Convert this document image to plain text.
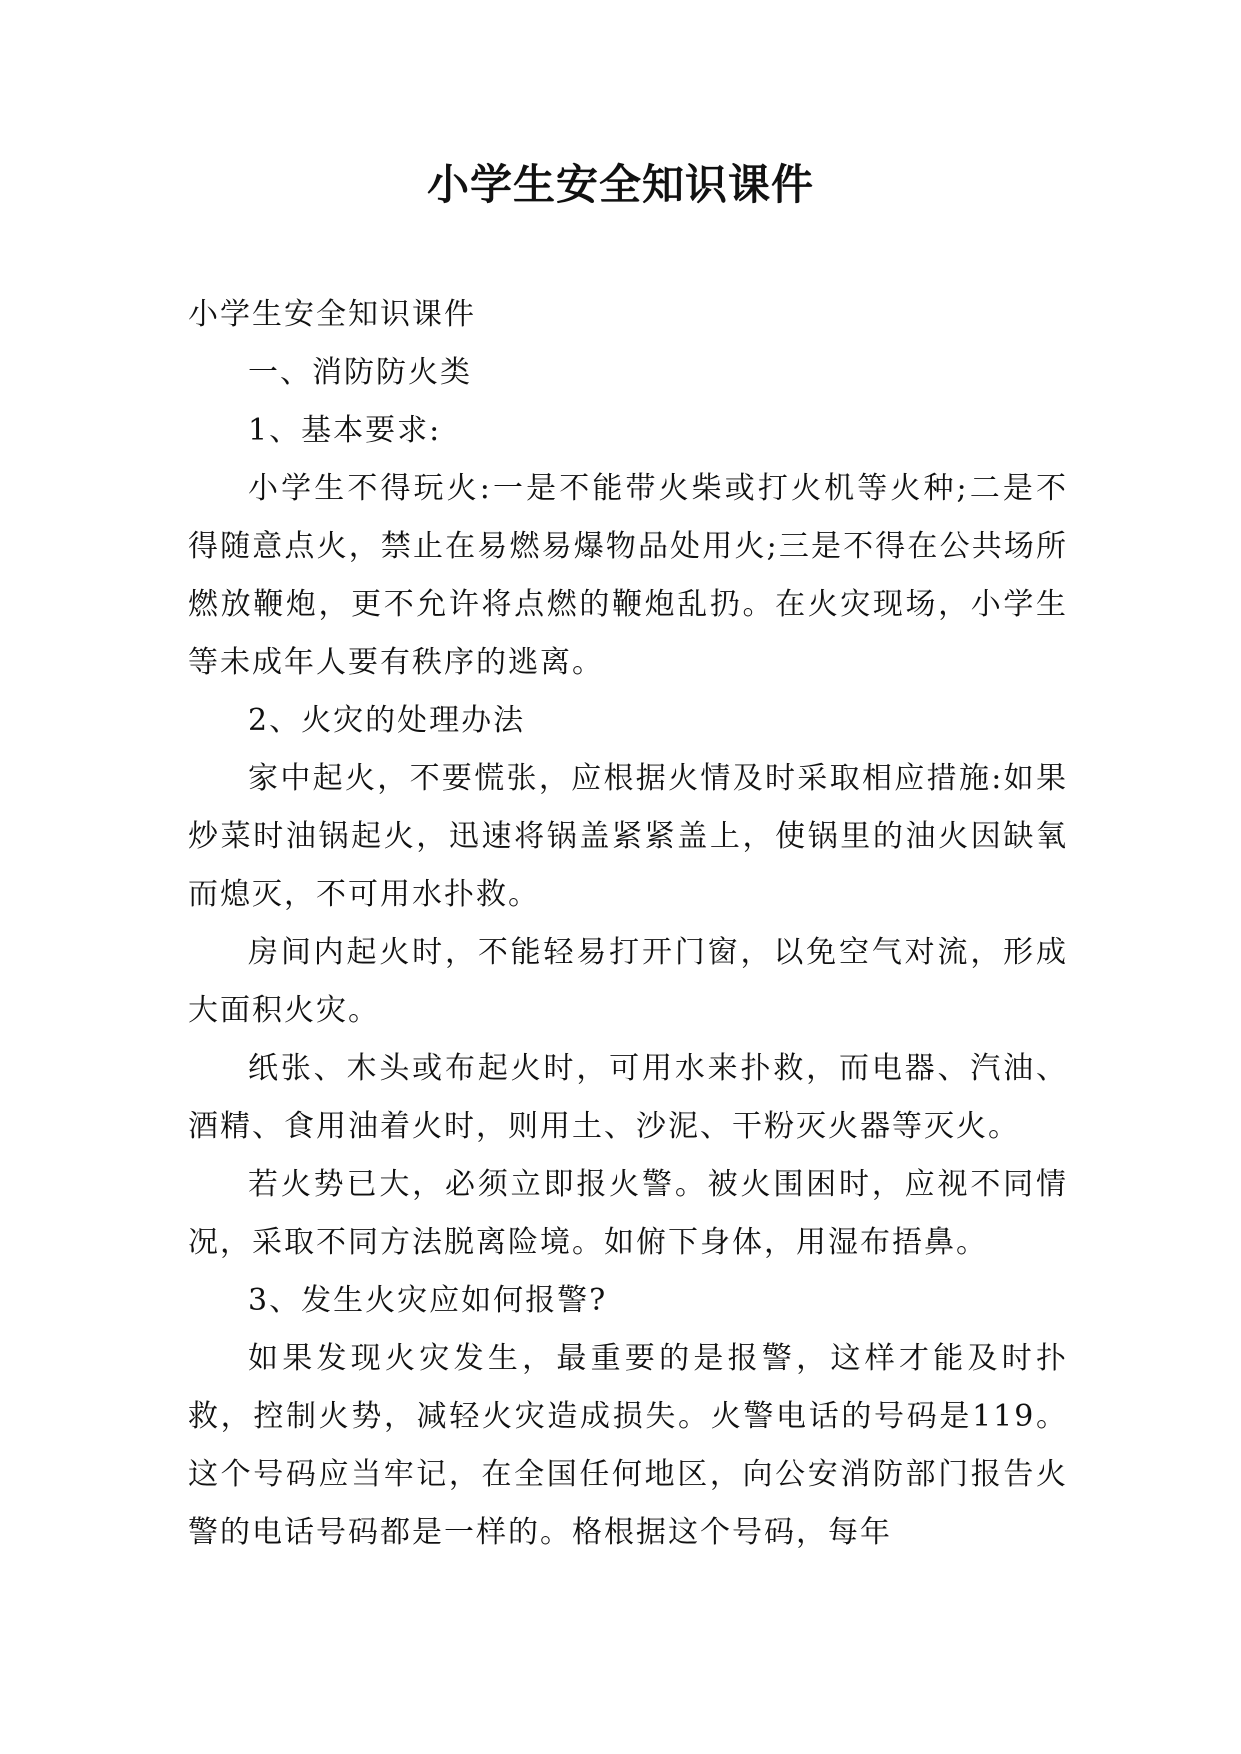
小学生安全知识课件

小学生安全知识课件

一、消防防火类

1、基本要求:

小学生不得玩火:一是不能带火柴或打火机等火种;二是不得随意点火，禁止在易燃易爆物品处用火;三是不得在公共场所燃放鞭炮，更不允许将点燃的鞭炮乱扔。在火灾现场，小学生等未成年人要有秩序的逃离。

2、火灾的处理办法

家中起火，不要慌张，应根据火情及时采取相应措施:如果炒菜时油锅起火，迅速将锅盖紧紧盖上，使锅里的油火因缺氧而熄灭，不可用水扑救。

房间内起火时，不能轻易打开门窗，以免空气对流，形成大面积火灾。

纸张、木头或布起火时，可用水来扑救，而电器、汽油、酒精、食用油着火时，则用土、沙泥、干粉灭火器等灭火。

若火势已大，必须立即报火警。被火围困时，应视不同情况，采取不同方法脱离险境。如俯下身体，用湿布捂鼻。

3、发生火灾应如何报警?

如果发现火灾发生，最重要的是报警，这样才能及时扑救，控制火势，减轻火灾造成损失。火警电话的号码是119。这个号码应当牢记，在全国任何地区，向公安消防部门报告火警的电话号码都是一样的。格根据这个号码，每年
